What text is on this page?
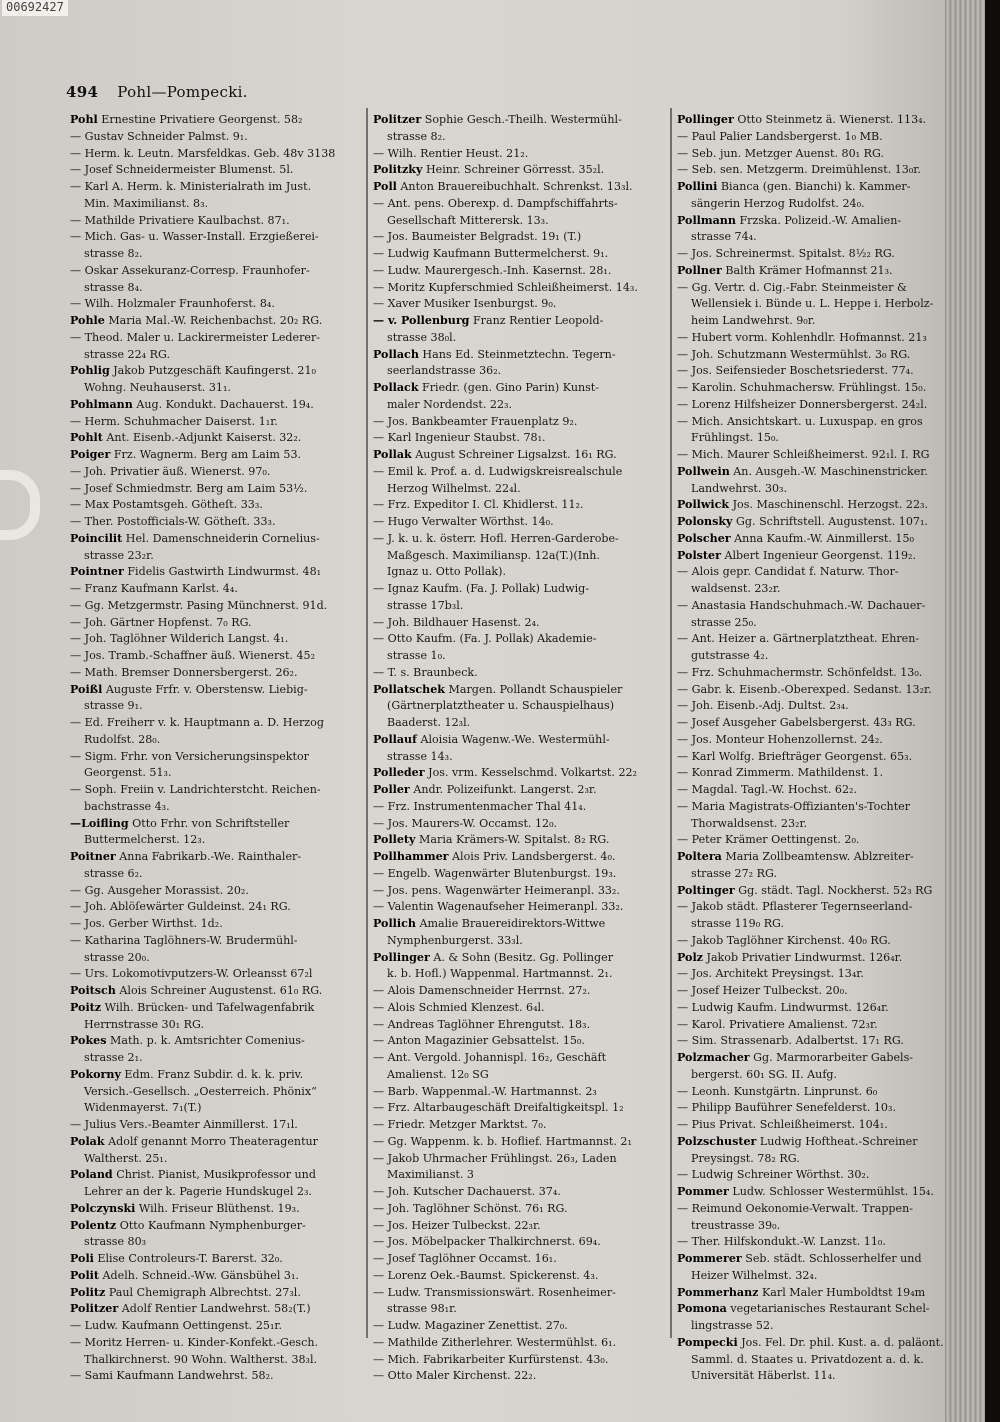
00692427
494 Pohl—Pompecki.
Pohl Ernestine Privatiere Georgenst. 58₂
— Gustav Schneider Palmst. 9₁.
— Herm. k. Leutn. Marsfeldkas. Geb. 48v 3138
— Josef Schneidermeister Blumenst. 5l.
— Karl A. Herm. k. Ministerialrath im Just.
Min. Maximilianst. 8₃.
— Mathilde Privatiere Kaulbachst. 87₁.
— Mich. Gas- u. Wasser-Install. Erzgießerei-
strasse 8₂.
— Oskar Assekuranz-Corresp. Fraunhofer-
strasse 8₄.
— Wilh. Holzmaler Fraunhoferst. 8₄.
Pohle Maria Mal.-W. Reichenbachst. 20₂ RG.
— Theod. Maler u. Lackirermeister Lederer-
strasse 22₄ RG.
Pohlig Jakob Putzgeschäft Kaufingerst. 21₀
Wohng. Neuhauserst. 31₁.
Pohlmann Aug. Kondukt. Dachauerst. 19₄.
— Herm. Schuhmacher Daiserst. 1₁r.
Pohlt Ant. Eisenb.-Adjunkt Kaiserst. 32₂.
Poiger Frz. Wagnerm. Berg am Laim 53.
— Joh. Privatier äuß. Wienerst. 97₀.
— Josef Schmiedmstr. Berg am Laim 53½.
— Max Postamtsgeh. Götheſt. 33₃.
— Ther. Postofficials-W. Götheſt. 33₃.
Poincilit Hel. Damenschneiderin Cornelius-
strasse 23₂r.
Pointner Fidelis Gastwirth Lindwurmst. 48₁
— Franz Kaufmann Karlst. 4₄.
— Gg. Metzgermstr. Pasing Münchnerst. 91d.
— Joh. Gärtner Hopfenst. 7₀ RG.
— Joh. Taglöhner Wilderich Langst. 4₁.
— Jos. Tramb.-Schaffner äuß. Wienerst. 45₂
— Math. Bremser Donnersbergerst. 26₂.
Poißl Auguste Frfr. v. Oberstensw. Liebig-
strasse 9₁.
— Ed. Freiherr v. k. Hauptmann a. D. Herzog
Rudolfst. 28₀.
— Sigm. Frhr. von Versicherungsinspektor
Georgenst. 51₃.
— Soph. Freiin v. Landrichterstcht. Reichen-
bachstrasse 4₃.
—Loifling Otto Frhr. von Schriftsteller
Buttermelcherst. 12₃.
Poitner Anna Fabrikarb.-We. Rainthaler-
strasse 6₂.
— Gg. Ausgeher Morassist. 20₂.
— Joh. Ablöſewärter Guldeinst. 24₁ RG.
— Jos. Gerber Wirthst. 1d₂.
— Katharina Taglöhners-W. Brudermühl-
strasse 20₀.
— Urs. Lokomotivputzers-W. Orleansst 67₂l
Poitsch Alois Schreiner Augustenst. 61₀ RG.
Poitz Wilh. Brücken- und Tafelwagenfabrik
Herrnstrasse 30₁ RG.
Pokes Math. p. k. Amtsrichter Comenius-
strasse 2₁.
Pokorny Edm. Franz Subdir. d. k. k. priv.
Versich.-Gesellsch. „Oesterreich. Phönix“
Widenmayerst. 7₁(T.)
— Julius Vers.-Beamter Ainmillerst. 17₁l.
Polak Adolf genannt Morro Theateragentur
Waltherst. 25₁.
Poland Christ. Pianist, Musikprofessor und
Lehrer an der k. Pagerie Hundskugel 2₃.
Polczynski Wilh. Friseur Blüthenst. 19₃.
Polentz Otto Kaufmann Nymphenburger-
strasse 80₃
Poli Elise Controleurs-T. Barerst. 32₀.
Polit Adelh. Schneid.-Ww. Gänsbühel 3₁.
Politz Paul Chemigraph Albrechtst. 27₃l.
Politzer Adolf Rentier Landwehrst. 58₂(T.)
— Ludw. Kaufmann Oettingenst. 25₁r.
— Moritz Herren- u. Kinder-Konfekt.-Gesch.
Thalkirchnerst. 90 Wohn. Waltherst. 38₃l.
— Sami Kaufmann Landwehrst. 58₂.
Politzer Sophie Gesch.-Theilh. Westermühl-
strasse 8₂.
— Wilh. Rentier Heust. 21₂.
Politzky Heinr. Schreiner Görresst. 35₂l.
Poll Anton Brauereibuchhalt. Schrenkst. 13₃l.
— Ant. pens. Oberexp. d. Dampfschiffahrts-
Gesellschaft Mitterersk. 13₃.
— Jos. Baumeister Belgradst. 19₁ (T.)
— Ludwig Kaufmann Buttermelcherst. 9₁.
— Ludw. Maurergesch.-Inh. Kasernst. 28₁.
— Moritz Kupferschmied Schleißheimerst. 14₃.
— Xaver Musiker Isenburgst. 9₀.
— v. Pollenburg Franz Rentier Leopold-
strasse 38₀l.
Pollach Hans Ed. Steinmetztechn. Tegern-
seerlandstrasse 36₂.
Pollack Friedr. (gen. Gino Parin) Kunst-
maler Nordendst. 22₃.
— Jos. Bankbeamter Frauenplatz 9₂.
— Karl Ingenieur Staubst. 78₁.
Pollak August Schreiner Ligsalzst. 16₁ RG.
— Emil k. Prof. a. d. Ludwigskreisrealschule
Herzog Wilhelmst. 22₄l.
— Frz. Expeditor I. Cl. Khidlerst. 11₂.
— Hugo Verwalter Wörthst. 14₀.
— J. k. u. k. österr. Hofl. Herren-Garderobe-
Maßgesch. Maximiliansp. 12a(T.)(Inh.
Ignaz u. Otto Pollak).
— Ignaz Kaufm. (Fa. J. Pollak) Ludwig-
strasse 17b₃l.
— Joh. Bildhauer Hasenst. 2₄.
— Otto Kaufm. (Fa. J. Pollak) Akademie-
strasse 1₀.
— T. s. Braunbeck.
Pollatschek Margen. Pollandt Schauspieler
(Gärtnerplatztheater u. Schauspielhaus)
Baaderst. 12₃l.
Pollauf Aloisia Wagenw.-We. Westermühl-
strasse 14₃.
Polleder Jos. vrm. Kesselschmd. Volkartst. 22₂
Poller Andr. Polizeifunkt. Langerst. 2₃r.
— Frz. Instrumentenmacher Thal 41₄.
— Jos. Maurers-W. Occamst. 12₀.
Pollety Maria Krämers-W. Spitalst. 8₂ RG.
Pollhammer Alois Priv. Landsbergerst. 4₀.
— Engelb. Wagenwärter Blutenburgst. 19₃.
— Jos. pens. Wagenwärter Heimeranpl. 33₂.
— Valentin Wagenaufseher Heimeranpl. 33₂.
Pollich Amalie Brauereidirektors-Wittwe
Nymphenburgerst. 33₃l.
Pollinger A. & Sohn (Besitz. Gg. Pollinger
k. b. Hofl.) Wappenmal. Hartmannst. 2₁.
— Alois Damenschneider Herrnst. 27₂.
— Alois Schmied Klenzest. 6₄l.
— Andreas Taglöhner Ehrengutst. 18₃.
— Anton Magazinier Gebsattelst. 15₀.
— Ant. Vergold. Johannispl. 16₂, Geschäft
Amalienst. 12₀ SG
— Barb. Wappenmal.-W. Hartmannst. 2₃
— Frz. Altarbaugeschäft Dreifaltigkeitspl. 1₂
— Friedr. Metzger Marktst. 7₀.
— Gg. Wappenm. k. b. Hoflief. Hartmannst. 2₁
— Jakob Uhrmacher Frühlingst. 26₃, Laden
Maximilianst. 3
— Joh. Kutscher Dachauerst. 37₄.
— Joh. Taglöhner Schönst. 76₁ RG.
— Jos. Heizer Tulbeckst. 22₃r.
— Jos. Möbelpacker Thalkirchnerst. 69₄.
— Josef Taglöhner Occamst. 16₁.
— Lorenz Oek.-Baumst. Spickerenst. 4₃.
— Ludw. Transmissionswärt. Rosenheimer-
strasse 98₁r.
— Ludw. Magaziner Zenettist. 27₀.
— Mathilde Zitherlehrer. Westermühlst. 6₁.
— Mich. Fabrikarbeiter Kurfürstenst. 43₀.
— Otto Maler Kirchenst. 22₂.
Pollinger Otto Steinmetz ä. Wienerst. 113₄.
— Paul Palier Landsbergerst. 1₀ MB.
— Seb. jun. Metzger Auenst. 80₁ RG.
— Seb. sen. Metzgerm. Dreimühlenst. 13₀r.
Pollini Bianca (gen. Bianchi) k. Kammer-
sängerin Herzog Rudolfst. 24₀.
Pollmann Frzska. Polizeid.-W. Amalien-
strasse 74₄.
— Jos. Schreinermst. Spitalst. 8½₂ RG.
Pollner Balth Krämer Hofmannst 21₃.
— Gg. Vertr. d. Cig.-Fabr. Steinmeister &
Wellensiek i. Bünde u. L. Heppe i. Herbolz-
heim Landwehrst. 9₀r.
— Hubert vorm. Kohlenhdlr. Hofmannst. 21₃
— Joh. Schutzmann Westermühlst. 3₀ RG.
— Jos. Seifensieder Boschetsriederst. 77₄.
— Karolin. Schuhmachersw. Frühlingst. 15₀.
— Lorenz Hilfsheizer Donnersbergerst. 24₂l.
— Mich. Ansichtskart. u. Luxuspap. en gros
Frühlingst. 15₀.
— Mich. Maurer Schleißheimerst. 92₁l. I. RG
Pollwein An. Ausgeh.-W. Maschinenstricker.
Landwehrst. 30₃.
Pollwick Jos. Maschinenschl. Herzogst. 22₃.
Polonsky Gg. Schriftstell. Augustenst. 107₁.
Polscher Anna Kaufm.-W. Ainmillerst. 15₀
Polster Albert Ingenieur Georgenst. 119₂.
— Alois gepr. Candidat f. Naturw. Thor-
waldsenst. 23₂r.
— Anastasia Handschuhmach.-W. Dachauer-
strasse 25₀.
— Ant. Heizer a. Gärtnerplatztheat. Ehren-
gutstrasse 4₂.
— Frz. Schuhmachermstr. Schönfeldst. 13₀.
— Gabr. k. Eisenb.-Oberexped. Sedanst. 13₂r.
— Joh. Eisenb.-Adj. Dultst. 2₃₄.
— Josef Ausgeher Gabelsbergerst. 43₃ RG.
— Jos. Monteur Hohenzollernst. 24₂.
— Karl Wolfg. Briefträger Georgenst. 65₃.
— Konrad Zimmerm. Mathildenst. 1.
— Magdal. Tagl.-W. Hochst. 62₂.
— Maria Magistrats-Offizianten's-Tochter
Thorwaldsenst. 23₂r.
— Peter Krämer Oettingenst. 2₀.
Poltera Maria Zollbeamtensw. Ablzreiter-
strasse 27₂ RG.
Poltinger Gg. städt. Tagl. Nockherst. 52₃ RG
— Jakob städt. Pflasterer Tegernseerland-
strasse 119₀ RG.
— Jakob Taglöhner Kirchenst. 40₀ RG.
Polz Jakob Privatier Lindwurmst. 126₄r.
— Jos. Architekt Preysingst. 13₄r.
— Josef Heizer Tulbeckst. 20₀.
— Ludwig Kaufm. Lindwurmst. 126₄r.
— Karol. Privatiere Amalienst. 72₃r.
— Sim. Strassenarb. Adalbertst. 17₁ RG.
Polzmacher Gg. Marmorarbeiter Gabels-
bergerst. 60₁ SG. II. Aufg.
— Leonh. Kunstgärtn. Linprunst. 6₀
— Philipp Bauführer Senefelderst. 10₃.
— Pius Privat. Schleißheimerst. 104₁.
Polzschuster Ludwig Hoftheat.-Schreiner
Preysingst. 78₂ RG.
— Ludwig Schreiner Wörthst. 30₂.
Pommer Ludw. Schlosser Westermühlst. 15₄.
— Reimund Oekonomie-Verwalt. Trappen-
treustrasse 39₀.
— Ther. Hilfskondukt.-W. Lanzst. 11₀.
Pommerer Seb. städt. Schlosserhelfer und
Heizer Wilhelmst. 32₄.
Pommerhanz Karl Maler Humboldtst 19₄m
Pomona vegetarianisches Restaurant Schel-
lingstrasse 52.
Pompecki Jos. Fel. Dr. phil. Kust. a. d. paläont.
Samml. d. Staates u. Privatdozent a. d. k.
Universität Häberlst. 11₄.
